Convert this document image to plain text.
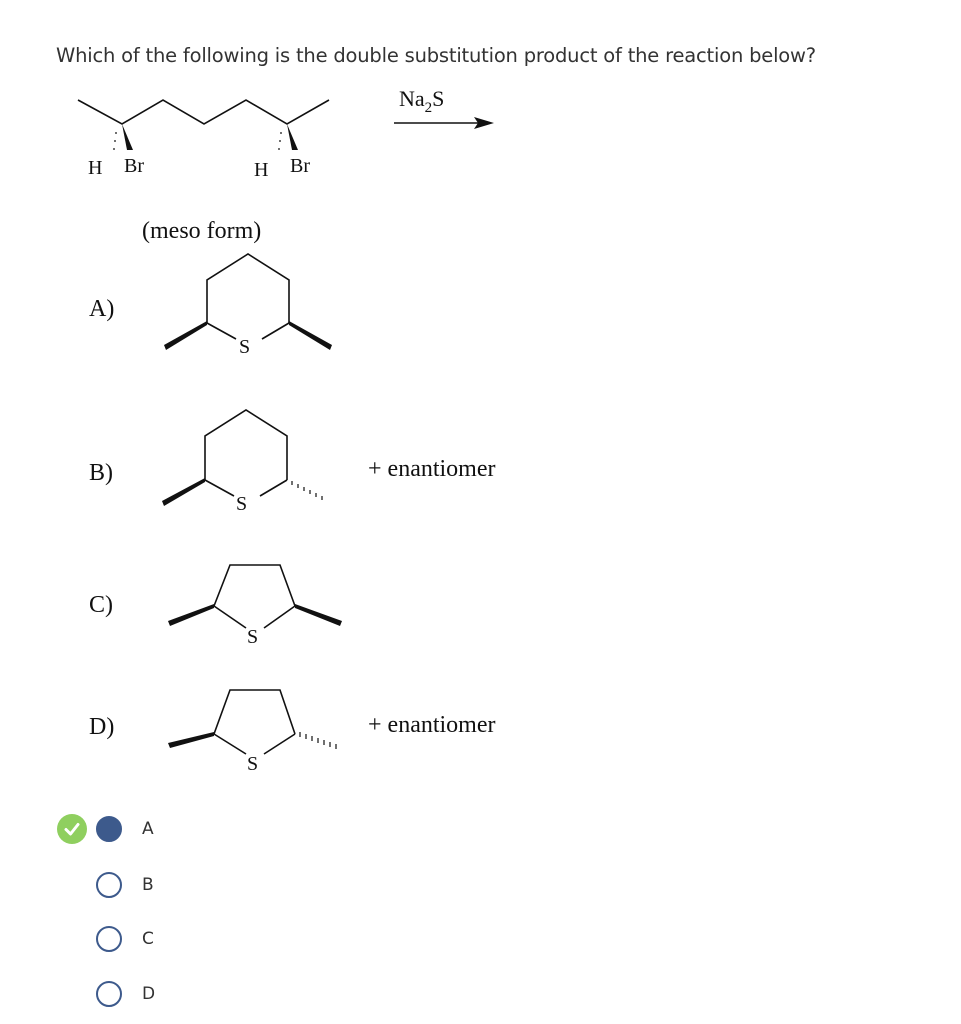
Which of the following is the double substitution product of the reaction below?
H Br	H Br
$Na_2S$
(meso form)
A)
S
B)
S
+ enantiomer
C)
S
D)
S
+ enantiomer
A
B
C
D
